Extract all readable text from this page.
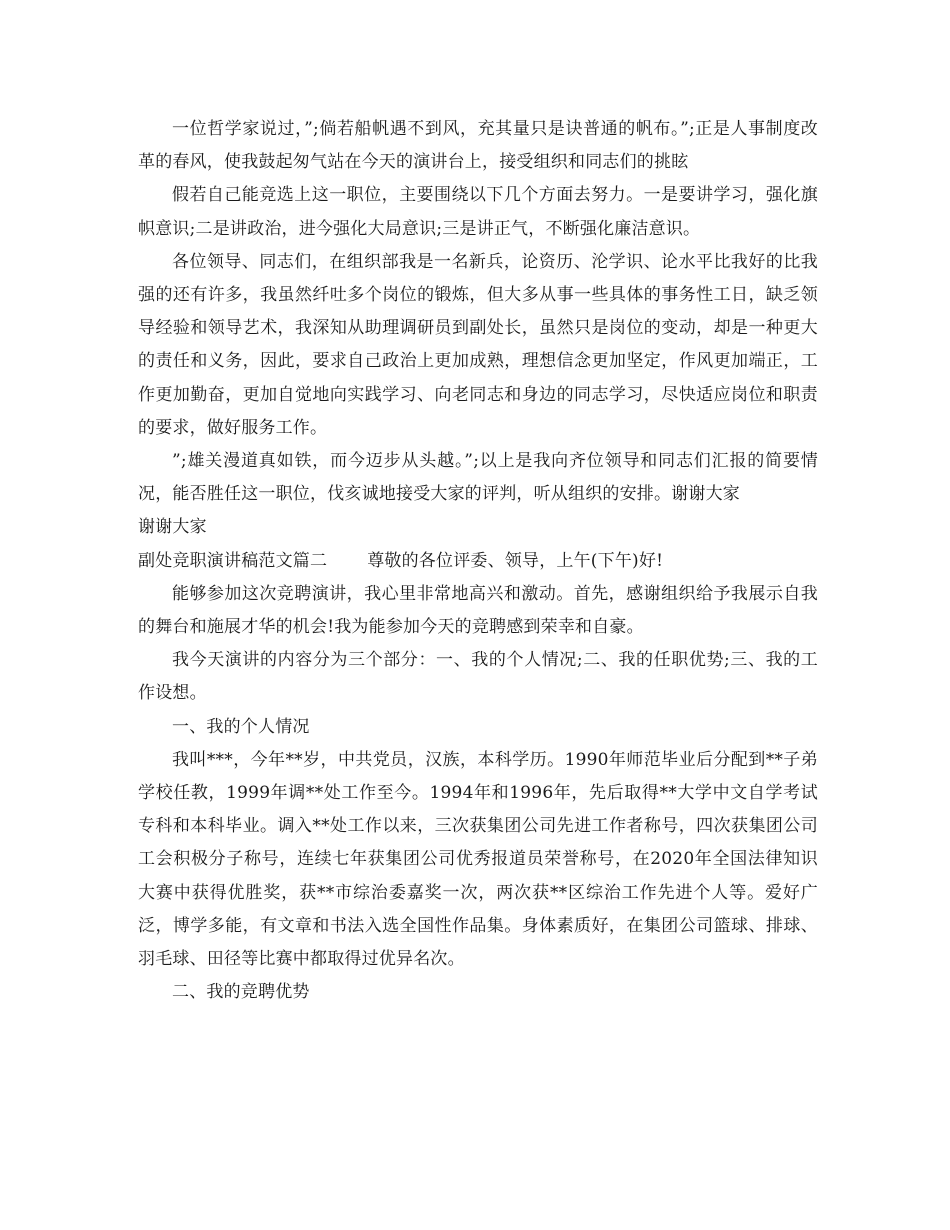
一位哲学家说过，”;倘若船帆遇不到风，充其量只是诀普通的帆布。”;正是人事制度改革的春风，使我鼓起匆气站在今天的演讲台上，接受组织和同志们的挑眩

假若自己能竞选上这一职位，主要围绕以下几个方面去努力。一是要讲学习，强化旗帜意识;二是讲政治，进今强化大局意识;三是讲正气，不断强化廉洁意识。

各位领导、同志们，在组织部我是一名新兵，论资历、沦学识、论水平比我好的比我强的还有许多，我虽然纤吐多个岗位的锻炼，但大多从事一些具体的事务性工日，缺乏领导经验和领导艺术，我深知从助理调研员到副处长，虽然只是岗位的变动，却是一种更大的责任和义务，因此，要求自己政治上更加成熟，理想信念更加坚定，作风更加端正，工作更加勤奋，更加自觉地向实践学习、向老同志和身边的同志学习，尽快适应岗位和职责的要求，做好服务工作。

”;雄关漫道真如铁，而今迈步从头越。”;以上是我向齐位领导和同志们汇报的简要情况，能否胜任这一职位，伐亥诚地接受大家的评判，听从组织的安排。谢谢大家

谢谢大家

副处竞职演讲稿范文篇二 尊敬的各位评委、领导，上午(下午)好!

能够参加这次竞聘演讲，我心里非常地高兴和激动。首先，感谢组织给予我展示自我的舞台和施展才华的机会!我为能参加今天的竞聘感到荣幸和自豪。

我今天演讲的内容分为三个部分：一、我的个人情况;二、我的任职优势;三、我的工作设想。

一、我的个人情况

我叫***，今年**岁，中共党员，汉族，本科学历。1990年师范毕业后分配到**子弟学校任教，1999年调**处工作至今。1994年和1996年，先后取得**大学中文自学考试专科和本科毕业。调入**处工作以来，三次获集团公司先进工作者称号，四次获集团公司工会积极分子称号，连续七年获集团公司优秀报道员荣誉称号，在2020年全国法律知识大赛中获得优胜奖，获**市综治委嘉奖一次，两次获**区综治工作先进个人等。爱好广泛，博学多能，有文章和书法入选全国性作品集。身体素质好，在集团公司篮球、排球、羽毛球、田径等比赛中都取得过优异名次。

二、我的竞聘优势
